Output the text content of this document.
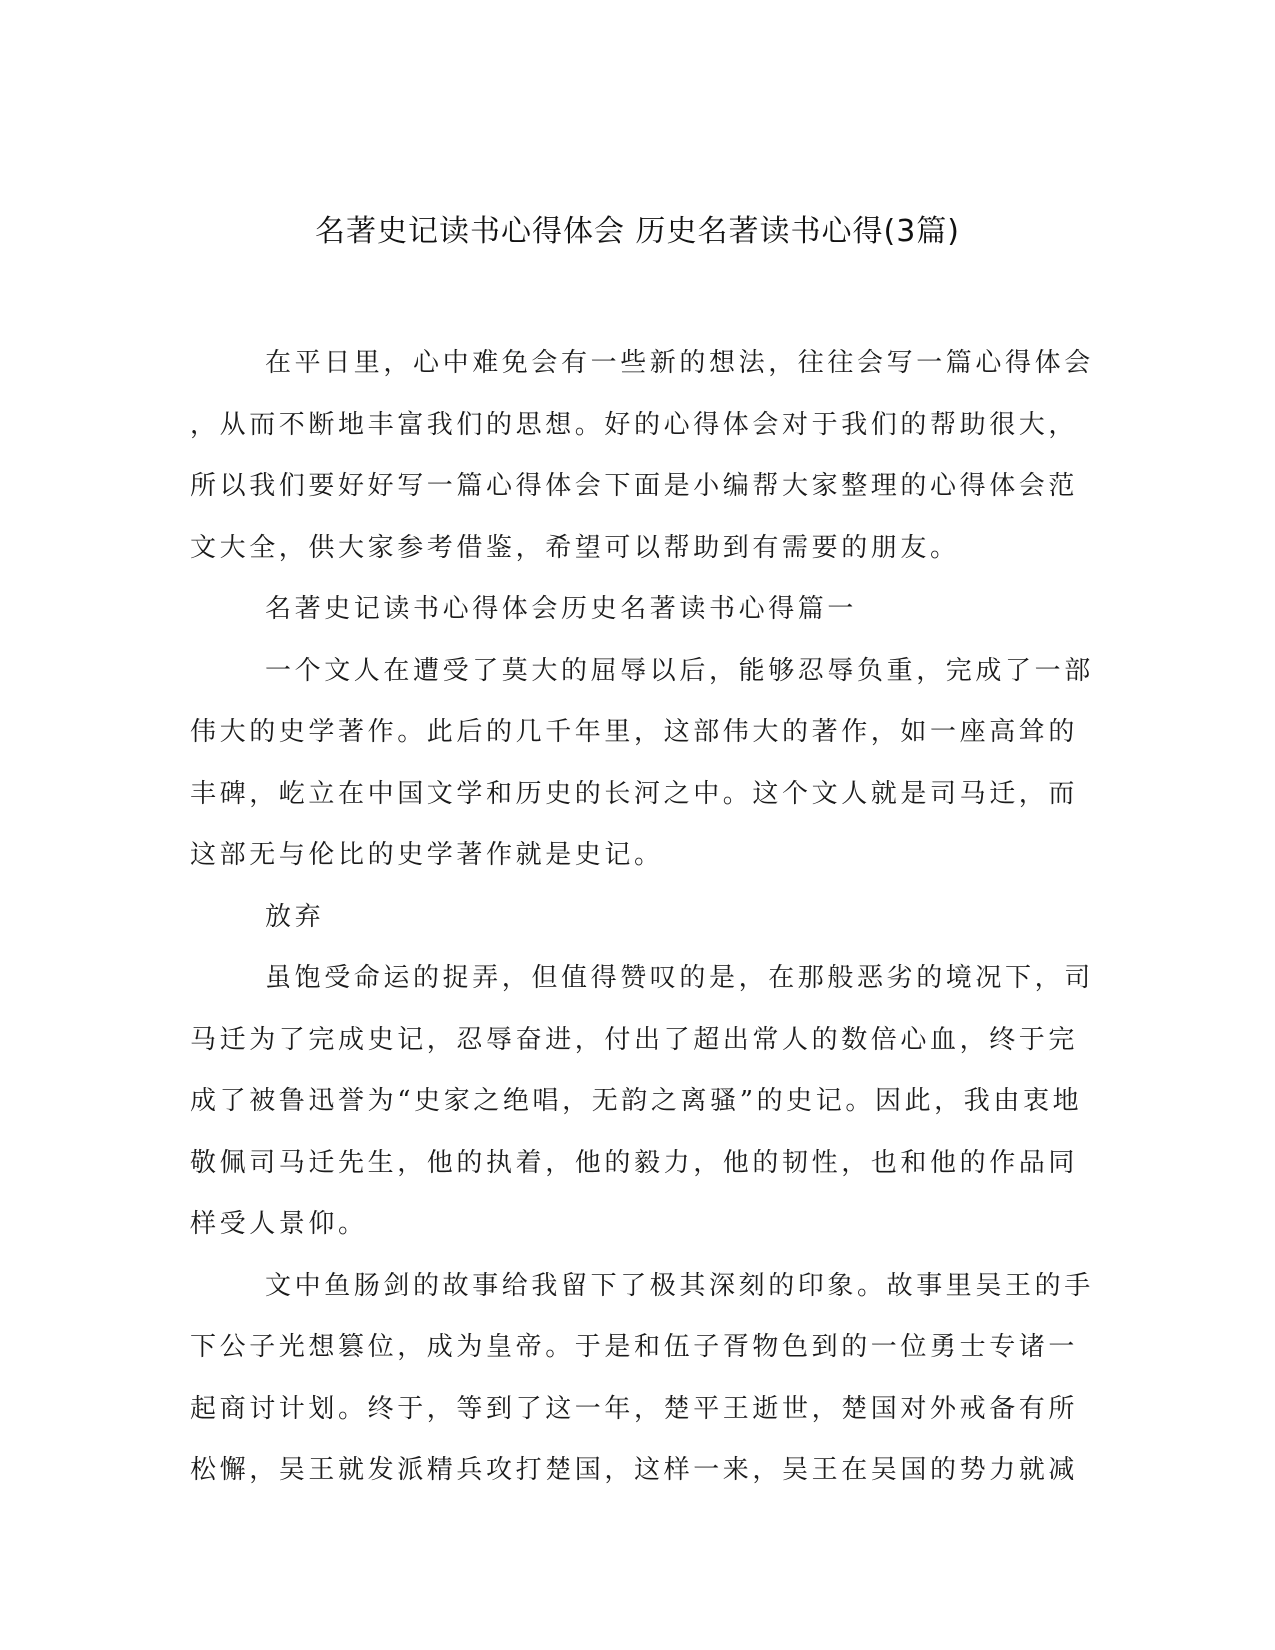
名著史记读书心得体会 历史名著读书心得(3篇)
在平日里，心中难免会有一些新的想法，往往会写一篇心得体会
，从而不断地丰富我们的思想。好的心得体会对于我们的帮助很大，
所以我们要好好写一篇心得体会下面是小编帮大家整理的心得体会范
文大全，供大家参考借鉴，希望可以帮助到有需要的朋友。
名著史记读书心得体会历史名著读书心得篇一
一个文人在遭受了莫大的屈辱以后，能够忍辱负重，完成了一部
伟大的史学著作。此后的几千年里，这部伟大的著作，如一座高耸的
丰碑，屹立在中国文学和历史的长河之中。这个文人就是司马迁，而
这部无与伦比的史学著作就是史记。
放弃
虽饱受命运的捉弄，但值得赞叹的是，在那般恶劣的境况下，司
马迁为了完成史记，忍辱奋进，付出了超出常人的数倍心血，终于完
成了被鲁迅誉为“史家之绝唱，无韵之离骚”的史记。因此，我由衷地
敬佩司马迁先生，他的执着，他的毅力，他的韧性，也和他的作品同
样受人景仰。
文中鱼肠剑的故事给我留下了极其深刻的印象。故事里吴王的手
下公子光想篡位，成为皇帝。于是和伍子胥物色到的一位勇士专诸一
起商讨计划。终于，等到了这一年，楚平王逝世，楚国对外戒备有所
松懈，吴王就发派精兵攻打楚国，这样一来，吴王在吴国的势力就减
